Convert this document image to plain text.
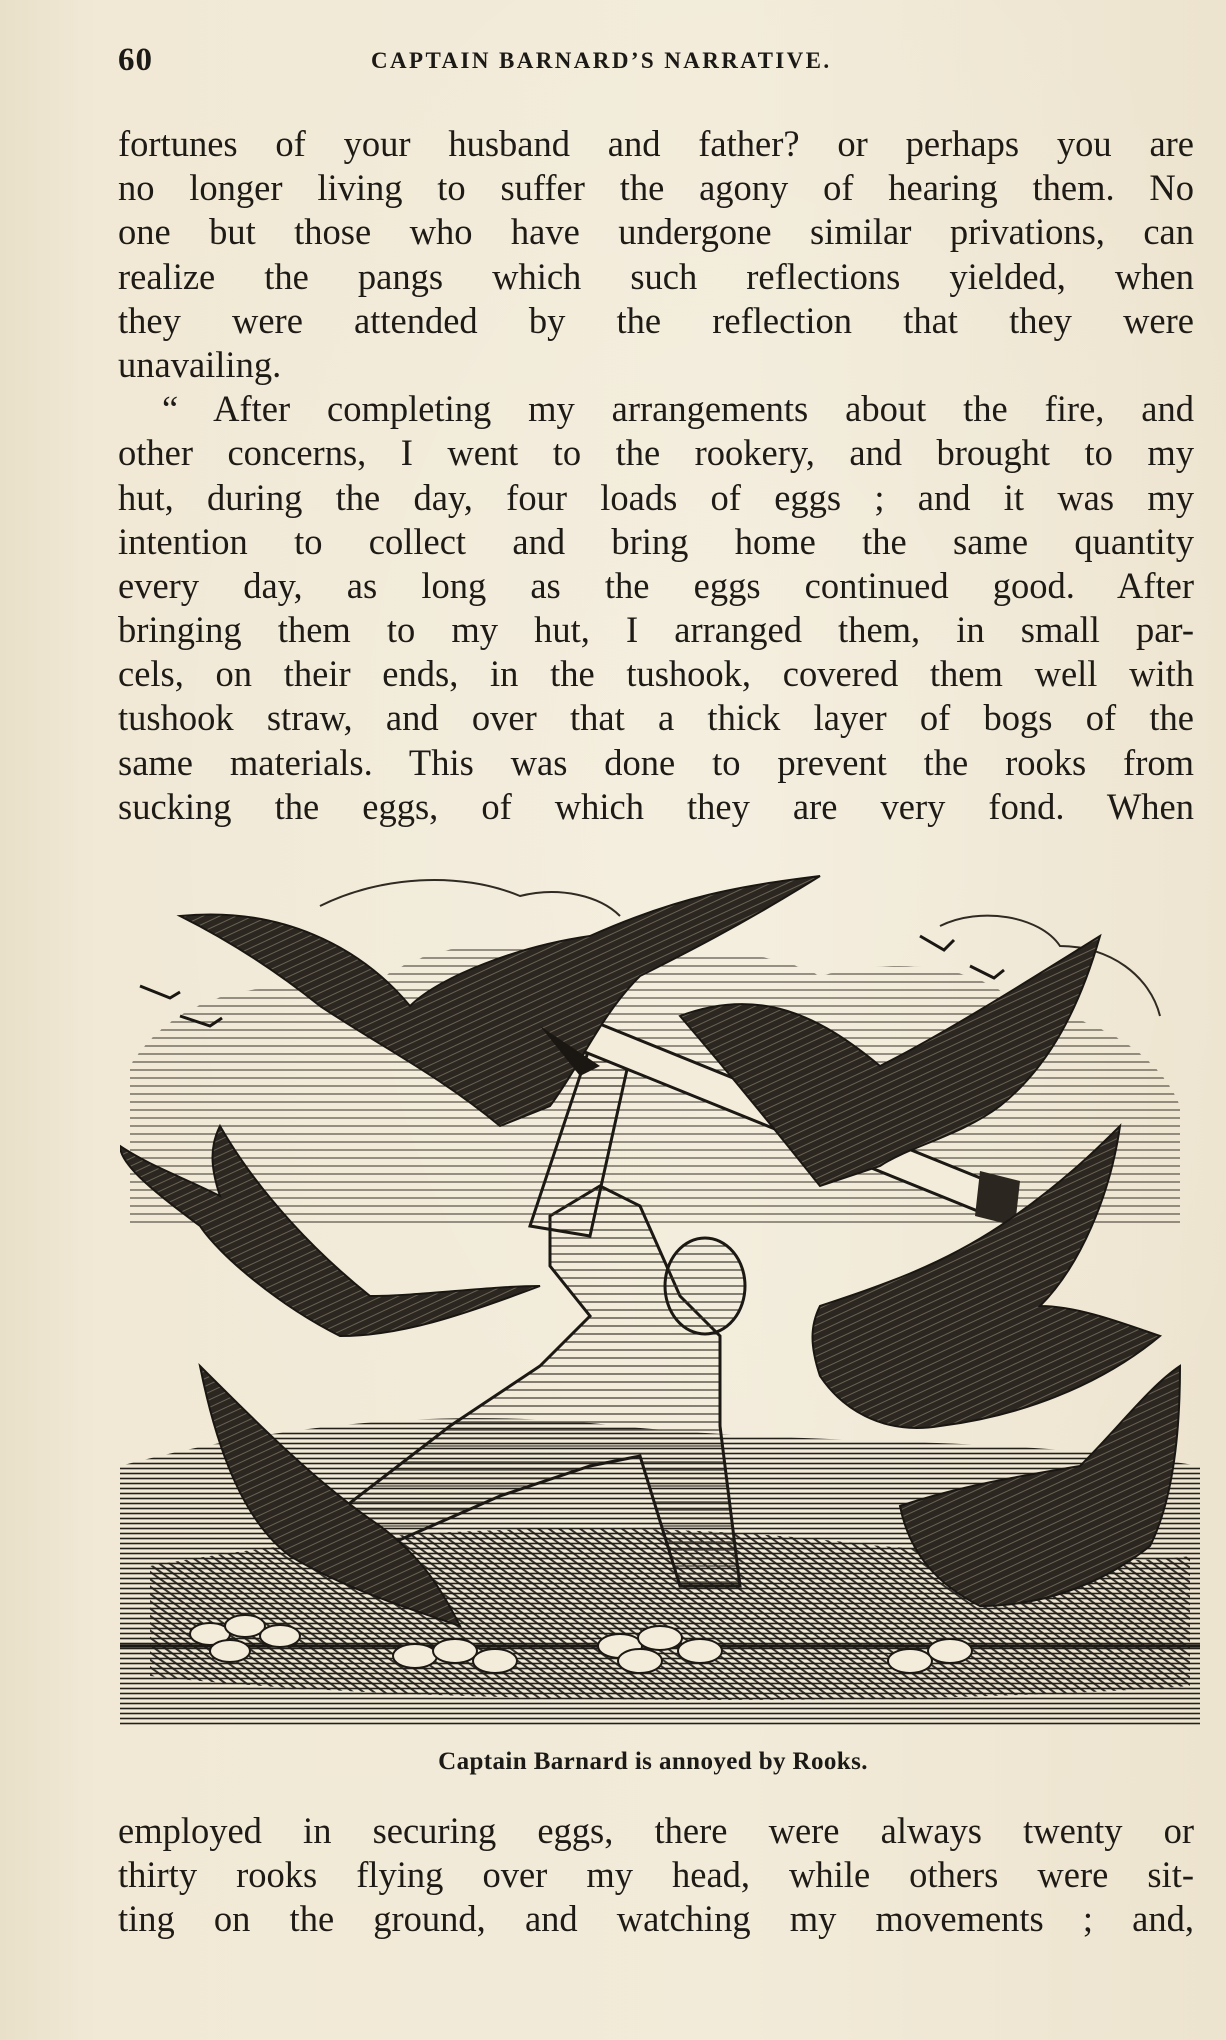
60	CAPTAIN BARNARD’S NARRATIVE.
fortunes of your husband and father? or perhaps you are
no longer living to suffer the agony of hearing them. No
one but those who have undergone similar privations, can
realize the pangs which such reflections yielded, when
they were attended by the reflection that they were
unavailing.
“ After completing my arrangements about the fire, and
other concerns, I went to the rookery, and brought to my
hut, during the day, four loads of eggs ; and it was my
intention to collect and bring home the same quantity
every day, as long as the eggs continued good. After
bringing them to my hut, I arranged them, in small par-
cels, on their ends, in the tushook, covered them well with
tushook straw, and over that a thick layer of bogs of the
same materials. This was done to prevent the rooks from
sucking the eggs, of which they are very fond. When
Captain Barnard is annoyed by Rooks.
employed in securing eggs, there were always twenty or
thirty rooks flying over my head, while others were sit-
ting on the ground, and watching my movements ; and,
